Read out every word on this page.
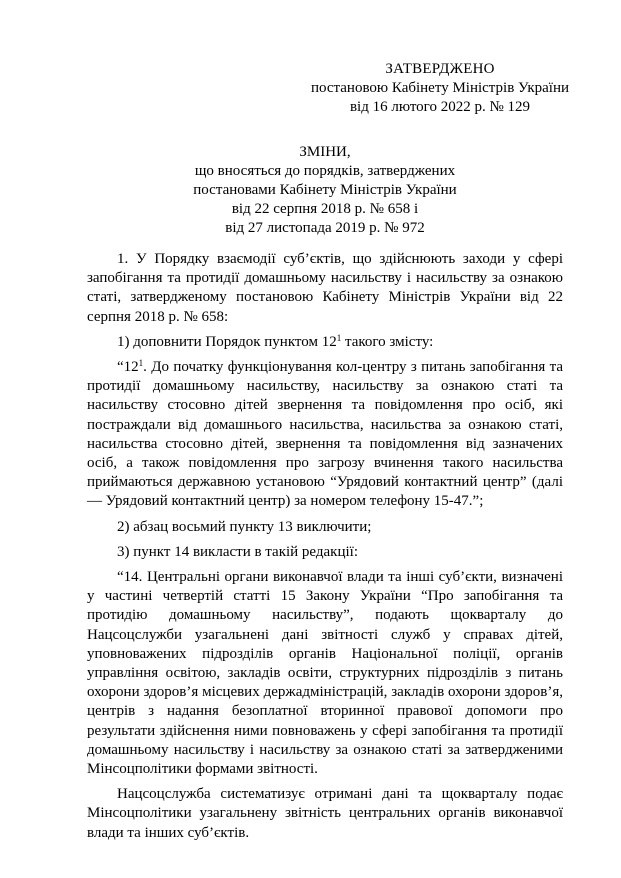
ЗАТВЕРДЖЕНО
постановою Кабінету Міністрів України
від 16 лютого 2022 р. № 129
ЗМІНИ,
що вносяться до порядків, затверджених
постановами Кабінету Міністрів України
від 22 серпня 2018 р. № 658 і
від 27 листопада 2019 р. № 972

1. У Порядку взаємодії суб’єктів, що здійснюють заходи у сфері запобігання та протидії домашньому насильству і насильству за ознакою статі, затвердженому постановою Кабінету Міністрів України від 22 серпня 2018 р. № 658:

1) доповнити Порядок пунктом $12^1$ такого змісту:

“$12^1$. До початку функціонування кол-центру з питань запобігання та протидії домашньому насильству, насильству за ознакою статі та насильству стосовно дітей звернення та повідомлення про осіб, які постраждали від домашнього насильства, насильства за ознакою статі, насильства стосовно дітей, звернення та повідомлення від зазначених осіб, а також повідомлення про загрозу вчинення такого насильства приймаються державною установою “Урядовий контактний центр” (далі — Урядовий контактний центр) за номером телефону 15-47.”;

2) абзац восьмий пункту 13 виключити;

3) пункт 14 викласти в такій редакції:

“14. Центральні органи виконавчої влади та інші суб’єкти, визначені у частині четвертій статті 15 Закону України “Про запобігання та протидію домашньому насильству”, подають щокварталу до Нацсоцслужби узагальнені дані звітності служб у справах дітей, уповноважених підрозділів органів Національної поліції, органів управління освітою, закладів освіти, структурних підрозділів з питань охорони здоров’я місцевих держадміністрацій, закладів охорони здоров’я, центрів з надання безоплатної вторинної правової допомоги про результати здійснення ними повноважень у сфері запобігання та протидії домашньому насильству і насильству за ознакою статі за затвердженими Мінсоцполітики формами звітності.

Нацсоцслужба систематизує отримані дані та щокварталу подає Мінсоцполітики узагальнену звітність центральних органів виконавчої влади та інших суб’єктів.
